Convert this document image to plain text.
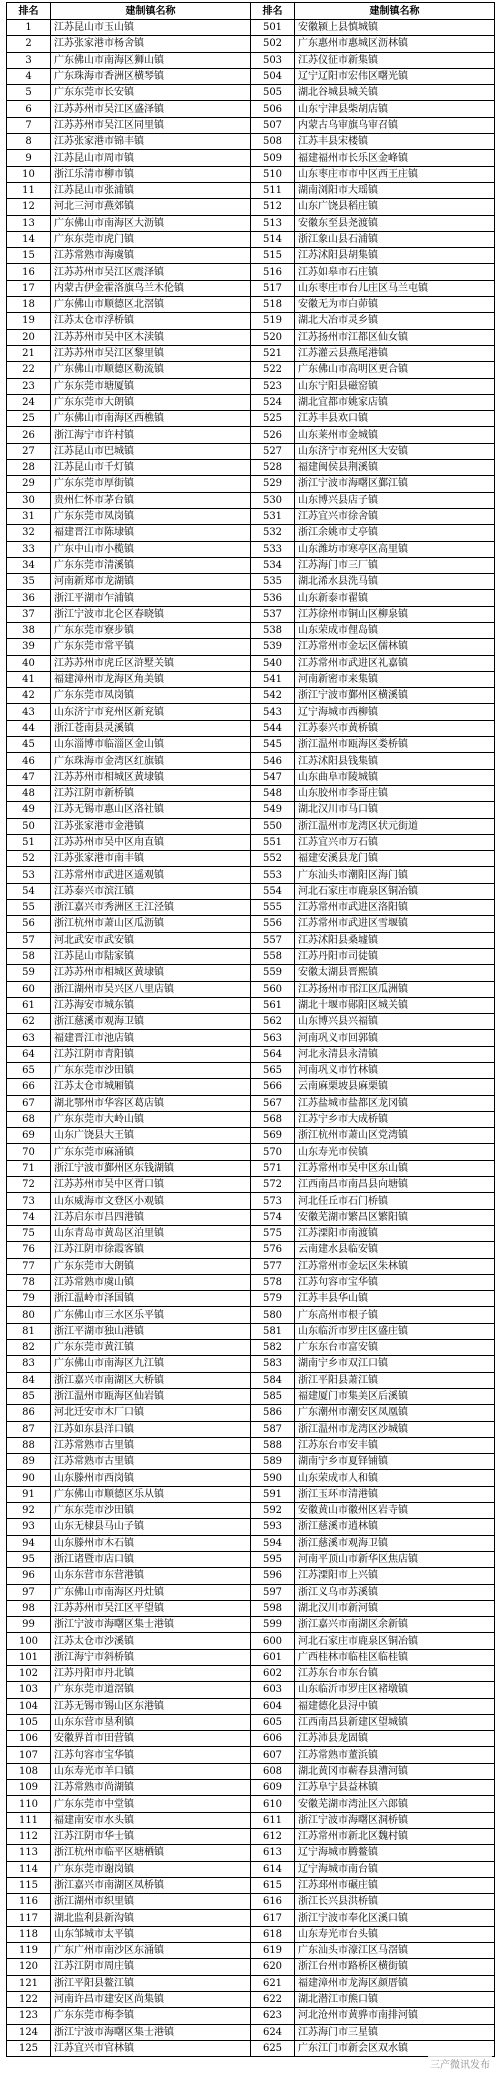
排名	建制镇名称	排名	建制镇名称
1	江苏昆山市玉山镇	501	安徽颍上县慎城镇
2	江苏张家港市杨舍镇	502	广东惠州市惠城区沥林镇
3	广东佛山市南海区狮山镇	503	江苏仪征市新集镇
4	广东珠海市香洲区横琴镇	504	辽宁辽阳市宏伟区曙光镇
5	广东东莞市长安镇	505	湖北谷城县城关镇
6	江苏苏州市吴江区盛泽镇	506	山东宁津县柴胡店镇
7	江苏苏州市吴江区同里镇	507	内蒙古乌审旗乌审召镇
8	江苏张家港市锦丰镇	508	江苏丰县宋楼镇
9	江苏昆山市周市镇	509	福建福州市长乐区金峰镇
10	浙江乐清市柳市镇	510	山东枣庄市市中区西王庄镇
11	江苏昆山市张浦镇	511	湖南浏阳市大瑶镇
12	河北三河市燕郊镇	512	山东广饶县稻庄镇
13	广东佛山市南海区大沥镇	513	安徽东至县尧渡镇
14	广东东莞市虎门镇	514	浙江象山县石浦镇
15	江苏常熟市海虞镇	515	江苏沭阳县胡集镇
16	江苏苏州市吴江区震泽镇	516	江苏如皋市石庄镇
17	内蒙古伊金霍洛旗乌兰木伦镇	517	山东枣庄市台儿庄区马兰屯镇
18	广东佛山市顺德区北滘镇	518	安徽无为市白茆镇
19	江苏太仓市浮桥镇	519	湖北大冶市灵乡镇
20	江苏苏州市吴中区木渎镇	520	江苏扬州市江都区仙女镇
21	江苏苏州市吴江区黎里镇	521	江苏灌云县燕尾港镇
22	广东佛山市顺德区勒流镇	522	广东佛山市高明区更合镇
23	广东东莞市塘厦镇	523	山东宁阳县磁窑镇
24	广东东莞市大朗镇	524	湖北宜都市姚家店镇
25	广东佛山市南海区西樵镇	525	江苏丰县欢口镇
26	浙江海宁市许村镇	526	山东莱州市金城镇
27	江苏昆山市巴城镇	527	山东济宁市兖州区大安镇
28	江苏昆山市千灯镇	528	福建闽侯县荆溪镇
29	广东东莞市厚街镇	529	浙江宁波市海曙区鄞江镇
30	贵州仁怀市茅台镇	530	山东博兴县店子镇
31	广东东莞市凤岗镇	531	江苏宜兴市徐舍镇
32	福建晋江市陈埭镇	532	浙江余姚市丈亭镇
33	广东中山市小榄镇	533	山东潍坊市寒亭区高里镇
34	广东东莞市清溪镇	534	江苏海门市三厂镇
35	河南新郑市龙湖镇	535	湖北浠水县洗马镇
36	浙江平湖市乍浦镇	536	山东新泰市翟镇
37	浙江宁波市北仑区春晓镇	537	江苏徐州市铜山区柳泉镇
38	广东东莞市寮步镇	538	山东荣成市俚岛镇
39	广东东莞市常平镇	539	江苏常州市金坛区儒林镇
40	江苏苏州市虎丘区浒墅关镇	540	江苏常州市武进区礼嘉镇
41	福建漳州市龙海区角美镇	541	河南新密市来集镇
42	广东东莞市凤岗镇	542	浙江宁波市鄞州区横溪镇
43	山东济宁市兖州区新兖镇	543	辽宁海城市西柳镇
44	浙江苍南县灵溪镇	544	江苏泰兴市黄桥镇
45	山东淄博市临淄区金山镇	545	浙江温州市瓯海区娄桥镇
46	广东珠海市金湾区红旗镇	546	江苏沭阳县钱集镇
47	江苏苏州市相城区黄埭镇	547	山东曲阜市陵城镇
48	江苏江阴市新桥镇	548	山东胶州市李哥庄镇
49	江苏无锡市惠山区洛社镇	549	湖北汉川市马口镇
50	江苏张家港市金港镇	550	浙江温州市龙湾区状元街道
51	江苏苏州市吴中区甪直镇	551	江苏宜兴市万石镇
52	江苏张家港市南丰镇	552	福建安溪县龙门镇
53	江苏常州市武进区遥观镇	553	广东汕头市潮阳区海门镇
54	江苏泰兴市滨江镇	554	河北石家庄市鹿泉区铜冶镇
55	浙江嘉兴市秀洲区王江泾镇	555	江苏常州市武进区洛阳镇
56	浙江杭州市萧山区瓜沥镇	556	江苏常州市武进区雪堰镇
57	河北武安市武安镇	557	江苏沭阳县桑墟镇
58	江苏昆山市陆家镇	558	江苏丹阳市司徒镇
59	江苏苏州市相城区黄埭镇	559	安徽太湖县晋熙镇
60	浙江湖州市吴兴区八里店镇	560	江苏扬州市邗江区瓜洲镇
61	江苏海安市城东镇	561	湖北十堰市郧阳区城关镇
62	浙江慈溪市观海卫镇	562	山东博兴县兴福镇
63	福建晋江市池店镇	563	河南巩义市回郭镇
64	江苏江阴市青阳镇	564	河北永清县永清镇
65	广东东莞市沙田镇	565	河南巩义市竹林镇
66	江苏太仓市城厢镇	566	云南麻栗坡县麻栗镇
67	湖北鄂州市华容区葛店镇	567	江苏盐城市盐都区龙冈镇
68	广东东莞市大岭山镇	568	江苏宁乡市大成桥镇
69	山东广饶县大王镇	569	浙江杭州市萧山区党湾镇
70	广东东莞市麻涌镇	570	山东寿光市侯镇
71	浙江宁波市鄞州区东钱湖镇	571	江苏常州市吴中区东山镇
72	江苏苏州市吴中区胥口镇	572	江西南昌市南昌县向塘镇
73	山东威海市文登区小观镇	573	河北任丘市石门桥镇
74	江苏启东市吕四港镇	574	安徽芜湖市繁昌区繁阳镇
75	山东青岛市黄岛区泊里镇	575	江苏溧阳市南渡镇
76	江苏江阴市徐霞客镇	576	云南建水县临安镇
77	广东东莞市大朗镇	577	江苏常州市金坛区朱林镇
78	江苏常熟市虞山镇	578	江苏句容市宝华镇
79	浙江温岭市泽国镇	579	江苏丰县华山镇
80	广东佛山市三水区乐平镇	580	广东高州市根子镇
81	浙江平湖市独山港镇	581	山东临沂市罗庄区盛庄镇
82	广东东莞市黄江镇	582	广东东台市富安镇
83	广东佛山市南海区九江镇	583	湖南宁乡市双江口镇
84	浙江嘉兴市南湖区大桥镇	584	浙江平阳县萧江镇
85	浙江温州市瓯海区仙岩镇	585	福建厦门市集美区后溪镇
86	河北迁安市木厂口镇	586	广东潮州市潮安区凤凰镇
87	江苏如东县洋口镇	587	浙江温州市龙湾区沙城镇
88	江苏常熟市古里镇	588	江苏东台市安丰镇
89	江苏常熟市古里镇	589	湖南宁乡市夏铎铺镇
90	山东滕州市西岗镇	590	山东荣成市人和镇
91	广东佛山市顺德区乐从镇	591	浙江玉环市清港镇
92	广东东莞市沙田镇	592	安徽黄山市徽州区岩寺镇
93	山东无棣县马山子镇	593	浙江慈溪市逍林镇
94	山东滕州市木石镇	594	浙江慈溪市观海卫镇
95	浙江诸暨市店口镇	595	河南平顶山市新华区焦店镇
96	山东东营市东营港镇	596	江苏溧阳市上兴镇
97	广东佛山市南海区丹灶镇	597	浙江义乌市苏溪镇
98	江苏苏州市吴江区平望镇	598	湖北汉川市新河镇
99	浙江宁波市海曙区集士港镇	599	浙江嘉兴市南湖区余新镇
100	江苏太仓市沙溪镇	600	河北石家庄市鹿泉区铜冶镇
101	浙江海宁市斜桥镇	601	广西桂林市临桂区临桂镇
102	江苏丹阳市丹北镇	602	江苏东台市东台镇
103	广东东莞市道滘镇	603	山东临沂市罗庄区褚墩镇
104	江苏无锡市锡山区东港镇	604	福建德化县浔中镇
105	山东东营市垦利镇	605	江西南昌县新建区望城镇
106	安徽界首市田营镇	606	江苏沛县龙固镇
107	江苏句容市宝华镇	607	江苏常熟市董浜镇
108	山东寿光市羊口镇	608	湖北黄冈市蕲春县漕河镇
109	江苏常熟市尚湖镇	609	江苏阜宁县益林镇
110	广东东莞市中堂镇	610	安徽芜湖市湾沚区六郎镇
111	福建南安市水头镇	611	浙江宁波市海曙区洞桥镇
112	江苏江阴市华士镇	612	江苏常州市新北区魏村镇
113	浙江杭州市临平区塘栖镇	613	辽宁海城市腾鳌镇
114	广东东莞市谢岗镇	614	辽宁海城市南台镇
115	浙江嘉兴市南湖区凤桥镇	615	江苏邳州市碾庄镇
116	浙江湖州市织里镇	616	浙江长兴县洪桥镇
117	湖北监利县新沟镇	617	浙江宁波市奉化区溪口镇
118	山东邹城市太平镇	618	山东寿光市台头镇
119	广东广州市南沙区东涌镇	619	广东汕头市濠江区马滘镇
120	江苏江阴市周庄镇	620	浙江台州市路桥区横街镇
121	浙江平阳县鳌江镇	621	福建漳州市龙海区颜厝镇
122	河南许昌市建安区尚集镇	622	湖北潜江市熊口镇
123	广东东莞市梅李镇	623	河北沧州市黄骅市南排河镇
124	浙江宁波市海曙区集士港镇	624	江苏海门市三星镇
125	江苏宜兴市官林镇	625	广东江门市新会区双水镇
三产微讯发布
